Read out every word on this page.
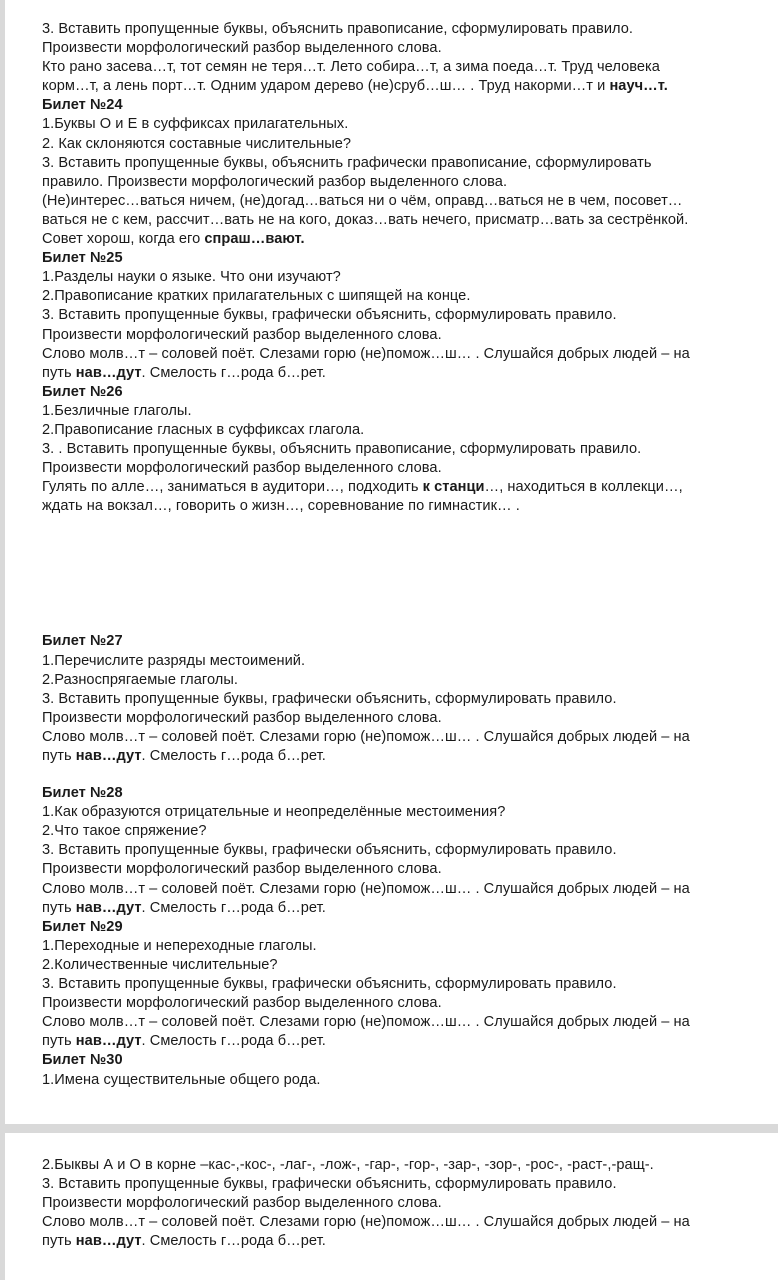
3. Вставить пропущенные буквы, объяснить правописание, сформулировать правило.
Произвести морфологический разбор выделенного слова.
Кто рано засева…т, тот семян не теря…т. Лето собира…т, а зима поеда…т. Труд человека
корм…т, а лень порт…т. Одним ударом дерево (не)сруб…ш… . Труд накорми…т и науч…т.
Билет №24
1.Буквы О и Е в суффиксах прилагательных.
2. Как склоняются составные числительные?
3. Вставить пропущенные буквы, объяснить графически правописание, сформулировать
правило. Произвести морфологический разбор выделенного слова.
(Не)интерес…ваться ничем, (не)догад…ваться ни о чём, оправд…ваться не в чем, посовет…
ваться не с кем, рассчит…вать не на кого, доказ…вать нечего, присматр…вать за сестрёнкой.
Совет хорош, когда его спраш…вают.
Билет №25
1.Разделы науки о языке. Что они изучают?
2.Правописание кратких прилагательных с шипящей на конце.
3. Вставить пропущенные буквы, графически объяснить, сформулировать правило.
Произвести морфологический разбор выделенного слова.
Слово молв…т – соловей поёт. Слезами горю (не)помож…ш… . Слушайся добрых людей – на
путь нав…дут. Смелость г…рода б…рет.
Билет №26
1.Безличные глаголы.
2.Правописание гласных в суффиксах глагола.
3. . Вставить пропущенные буквы, объяснить правописание, сформулировать правило.
Произвести морфологический разбор выделенного слова.
Гулять по алле…, заниматься в аудитори…, подходить к станци…, находиться в коллекци…,
ждать на вокзал…, говорить о жизн…, соревнование по гимнастик… .
Билет №27
1.Перечислите разряды местоимений.
2.Разноспрягаемые глаголы.
3. Вставить пропущенные буквы, графически объяснить, сформулировать правило.
Произвести морфологический разбор выделенного слова.
Слово молв…т – соловей поёт. Слезами горю (не)помож…ш… . Слушайся добрых людей – на
путь нав…дут. Смелость г…рода б…рет.
Билет №28
1.Как образуются отрицательные и неопределённые местоимения?
2.Что такое спряжение?
3. Вставить пропущенные буквы, графически объяснить, сформулировать правило.
Произвести морфологический разбор выделенного слова.
Слово молв…т – соловей поёт. Слезами горю (не)помож…ш… . Слушайся добрых людей – на
путь нав…дут. Смелость г…рода б…рет.
Билет №29
1.Переходные и непереходные глаголы.
2.Количественные числительные?
3. Вставить пропущенные буквы, графически объяснить, сформулировать правило.
Произвести морфологический разбор выделенного слова.
Слово молв…т – соловей поёт. Слезами горю (не)помож…ш… . Слушайся добрых людей – на
путь нав…дут. Смелость г…рода б…рет.
Билет №30
1.Имена существительные общего рода.
2.Быквы А и О в корне –кас-,-кос-, -лаг-, -лож-, -гар-, -гор-, -зар-, -зор-, -рос-, -раст-,-ращ-.
3. Вставить пропущенные буквы, графически объяснить, сформулировать правило.
Произвести морфологический разбор выделенного слова.
Слово молв…т – соловей поёт. Слезами горю (не)помож…ш… . Слушайся добрых людей – на
путь нав…дут. Смелость г…рода б…рет.
